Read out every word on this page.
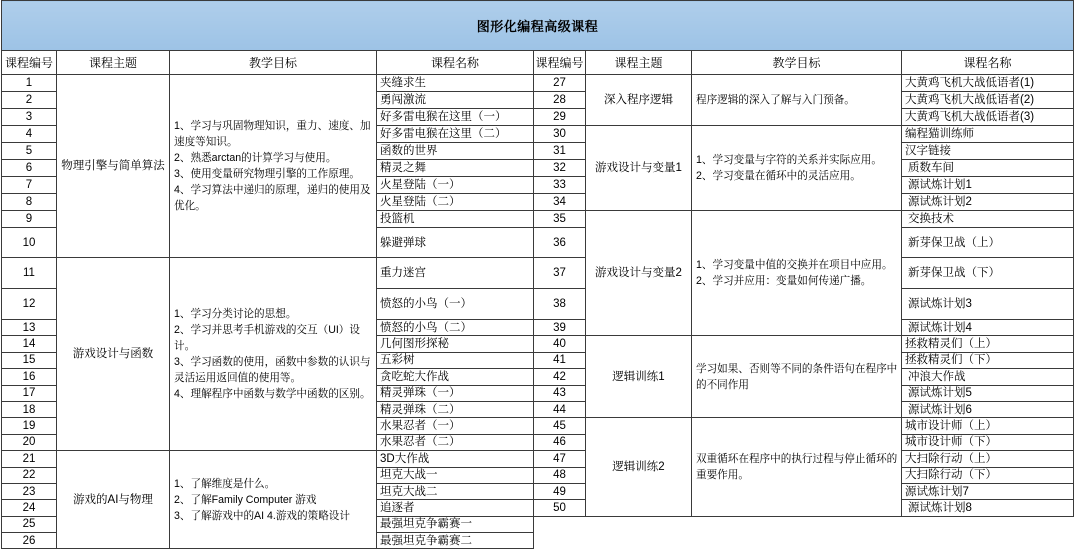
图形化编程高级课程							
课程编号	课程主题	教学目标	课程名称	课程编号	课程主题	教学目标	课程名称
1	物理引擎与简单算法	1、学习与巩固物理知识，重力、速度、加速度等知识。
2、熟悉arctan的计算学习与使用。
3、使用变量研究物理引擎的工作原理。
4、学习算法中递归的原理，递归的使用及优化。	夹缝求生	27	深入程序逻辑	程序逻辑的深入了解与入门预备。	大黄鸡飞机大战低语者(1)
2			勇闯激流	28			大黄鸡飞机大战低语者(2)
3			好多雷电猴在这里（一）	29			大黄鸡飞机大战低语者(3)
4			好多雷电猴在这里（二）	30	游戏设计与变量1	1、学习变量与字符的关系并实际应用。
2、学习变量在循环中的灵活应用。	编程猫训练师
5			函数的世界	31			汉字链接
6			精灵之舞	32			质数车间
7			火星登陆（一）	33			源试炼计划1
8			火星登陆（二）	34			源试炼计划2
9			投篮机	35	游戏设计与变量2	1、学习变量中值的交换并在项目中应用。
2、学习并应用：变量如何传递广播。	交换技术
10			躲避弹球	36			新芽保卫战（上）
11	游戏设计与函数	1、学习分类讨论的思想。
2、学习并思考手机游戏的交互（UI）设计。
3、学习函数的使用，函数中参数的认识与灵活运用返回值的使用等。
4、理解程序中函数与数学中函数的区别。	重力迷宫	37			新芽保卫战（下）
12			愤怒的小鸟（一）	38			源试炼计划3
13			愤怒的小鸟（二）	39			源试炼计划4
14			几何图形探秘	40	逻辑训练1	学习如果、否则等不同的条件语句在程序中的不同作用	拯救精灵们（上）
15			五彩树	41			拯救精灵们（下）
16			贪吃蛇大作战	42			冲浪大作战
17			精灵弹珠（一）	43			源试炼计划5
18			精灵弹珠（二）	44			源试炼计划6
19			水果忍者（一）	45	逻辑训练2	双重循环在程序中的执行过程与停止循环的重要作用。	城市设计师（上）
20			水果忍者（二）	46			城市设计师（下）
21	游戏的AI与物理	1、了解维度是什么。
2、了解Family Computer 游戏
3、了解游戏中的AI 4.游戏的策略设计	3D大作战	47			大扫除行动（上）
22			坦克大战一	48			大扫除行动（下）
23			坦克大战二	49			源试炼计划7
24			追逐者	50			源试炼计划8
25			最强坦克争霸赛一				
26			最强坦克争霸赛二				
